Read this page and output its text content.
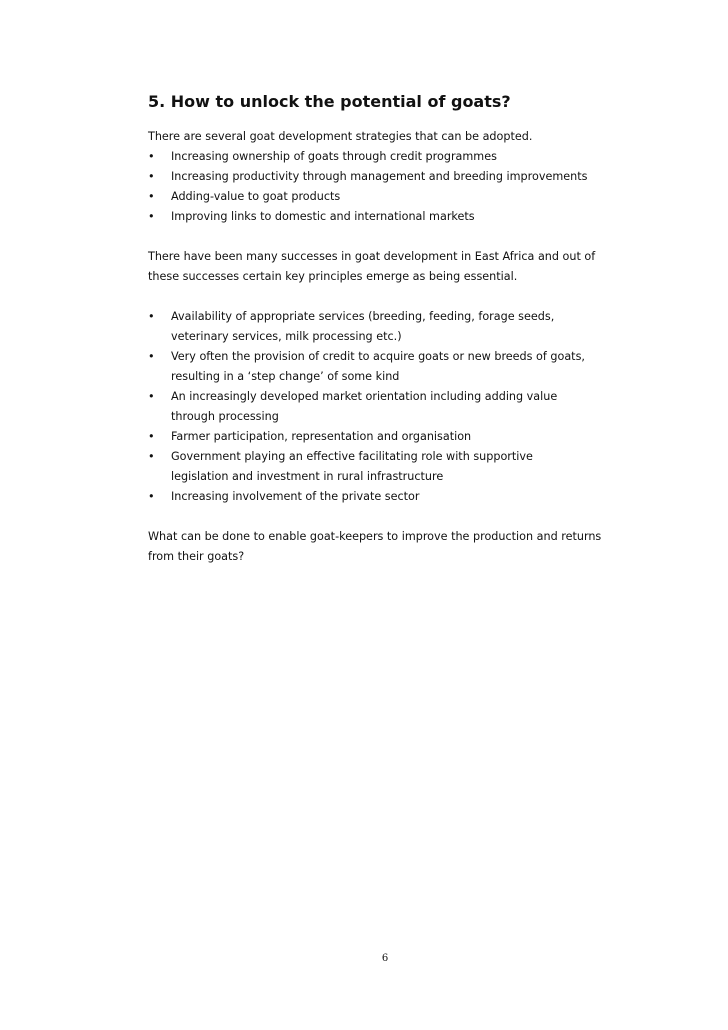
5. How to unlock the potential of goats?

There are several goat development strategies that can be adopted.

•	Increasing ownership of goats through credit programmes
•	Increasing productivity through management and breeding improvements
•	Adding-value to goat products
•	Improving links to domestic and international markets

There have been many successes in goat development in East Africa and out of these successes certain key principles emerge as being essential.

•	Availability of appropriate services (breeding, feeding, forage seeds, veterinary services, milk processing etc.)
•	Very often the provision of credit to acquire goats or new breeds of goats, resulting in a ‘step change’ of some kind
•	An increasingly developed market orientation including adding value through processing
•	Farmer participation, representation and organisation
•	Government playing an effective facilitating role with supportive legislation and investment in rural infrastructure
•	Increasing involvement of the private sector

What can be done to enable goat-keepers to improve the production and returns from their goats?

6
